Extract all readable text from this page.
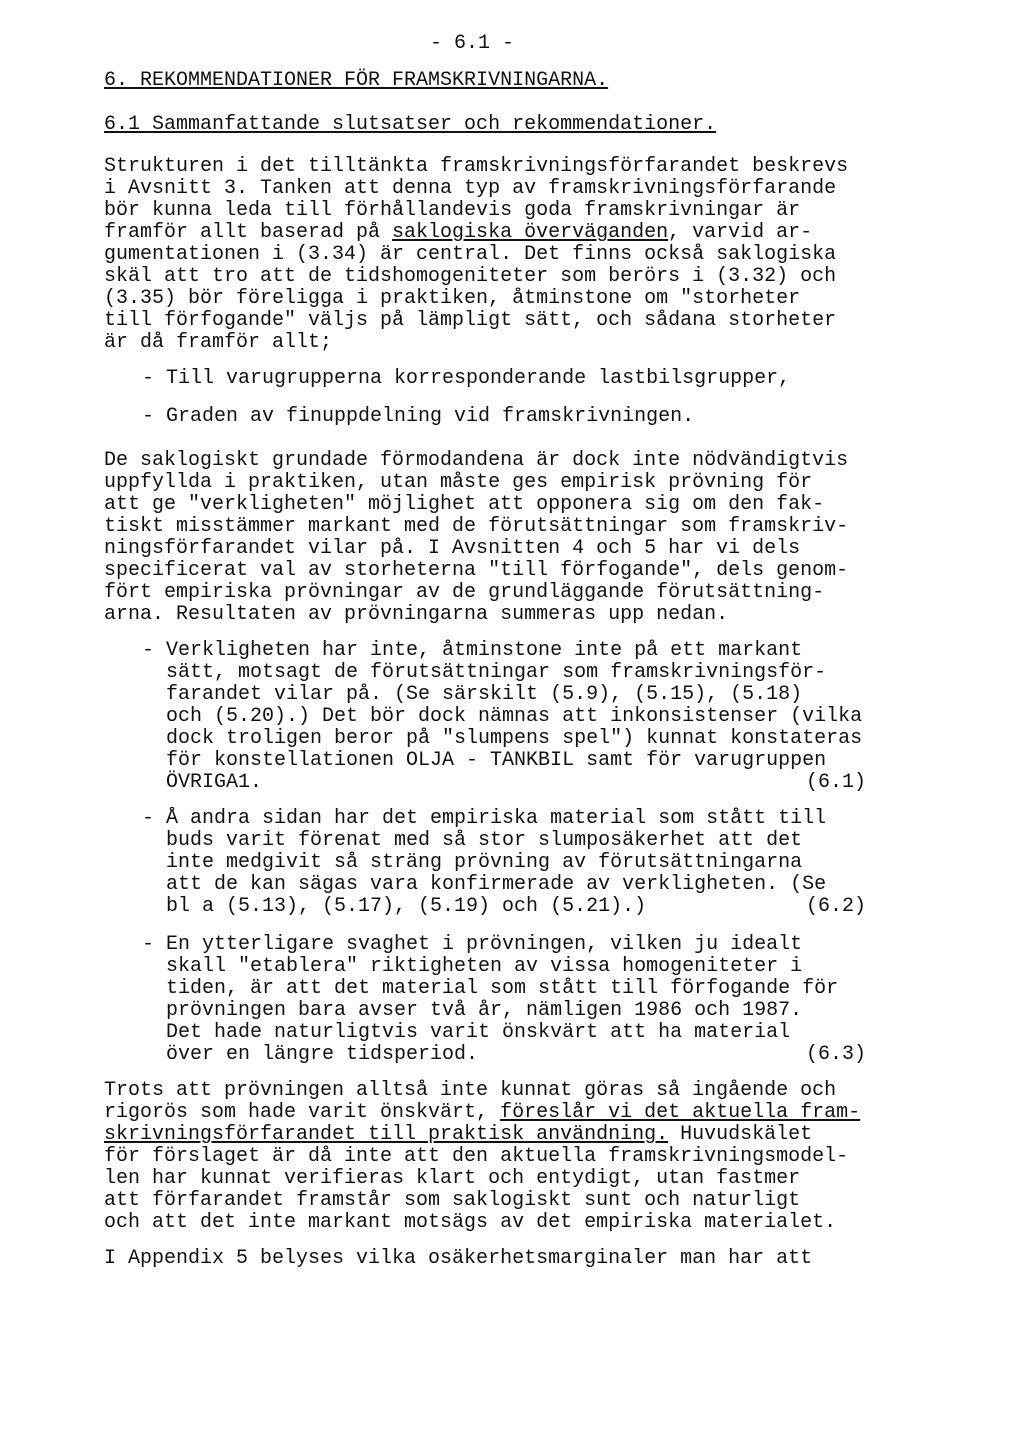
- 6.1 -
6. REKOMMENDATIONER FÖR FRAMSKRIVNINGARNA.
6.1 Sammanfattande slutsatser och rekommendationer.
Strukturen i det tilltänkta framskrivningsförfarandet beskrevs
i Avsnitt 3. Tanken att denna typ av framskrivningsförfarande
bör kunna leda till förhållandevis goda framskrivningar är
framför allt baserad på saklogiska överväganden, varvid ar-
gumentationen i (3.34) är central. Det finns också saklogiska
skäl att tro att de tidshomogeniteter som berörs i (3.32) och
(3.35) bör föreligga i praktiken, åtminstone om "storheter
till förfogande" väljs på lämpligt sätt, och sådana storheter
är då framför allt;
- Till varugrupperna korresponderande lastbilsgrupper,
- Graden av finuppdelning vid framskrivningen.
De saklogiskt grundade förmodandena är dock inte nödvändigtvis
uppfyllda i praktiken, utan måste ges empirisk prövning för
att ge "verkligheten" möjlighet att opponera sig om den fak-
tiskt misstämmer markant med de förutsättningar som framskriv-
ningsförfarandet vilar på. I Avsnitten 4 och 5 har vi dels
specificerat val av storheterna "till förfogande", dels genom-
fört empiriska prövningar av de grundläggande förutsättning-
arna. Resultaten av prövningarna summeras upp nedan.
- Verkligheten har inte, åtminstone inte på ett markant
sätt, motsagt de förutsättningar som framskrivningsför-
farandet vilar på. (Se särskilt (5.9), (5.15), (5.18)
och (5.20).) Det bör dock nämnas att inkonsistenser (vilka
dock troligen beror på "slumpens spel") kunnat konstateras
för konstellationen OLJA - TANKBIL samt för varugruppen
ÖVRIGA1.	(6.1)
- Å andra sidan har det empiriska material som stått till
buds varit förenat med så stor slumposäkerhet att det
inte medgivit så sträng prövning av förutsättningarna
att de kan sägas vara konfirmerade av verkligheten. (Se
bl a (5.13), (5.17), (5.19) och (5.21).)	(6.2)
- En ytterligare svaghet i prövningen, vilken ju idealt
skall "etablera" riktigheten av vissa homogeniteter i
tiden, är att det material som stått till förfogande för
prövningen bara avser två år, nämligen 1986 och 1987.
Det hade naturligtvis varit önskvärt att ha material
över en längre tidsperiod.	(6.3)
Trots att prövningen alltså inte kunnat göras så ingående och
rigorös som hade varit önskvärt, föreslår vi det aktuella fram-
skrivningsförfarandet till praktisk användning. Huvudskälet
för förslaget är då inte att den aktuella framskrivningsmodel-
len har kunnat verifieras klart och entydigt, utan fastmer
att förfarandet framstår som saklogiskt sunt och naturligt
och att det inte markant motsägs av det empiriska materialet.
I Appendix 5 belyses vilka osäkerhetsmarginaler man har att
